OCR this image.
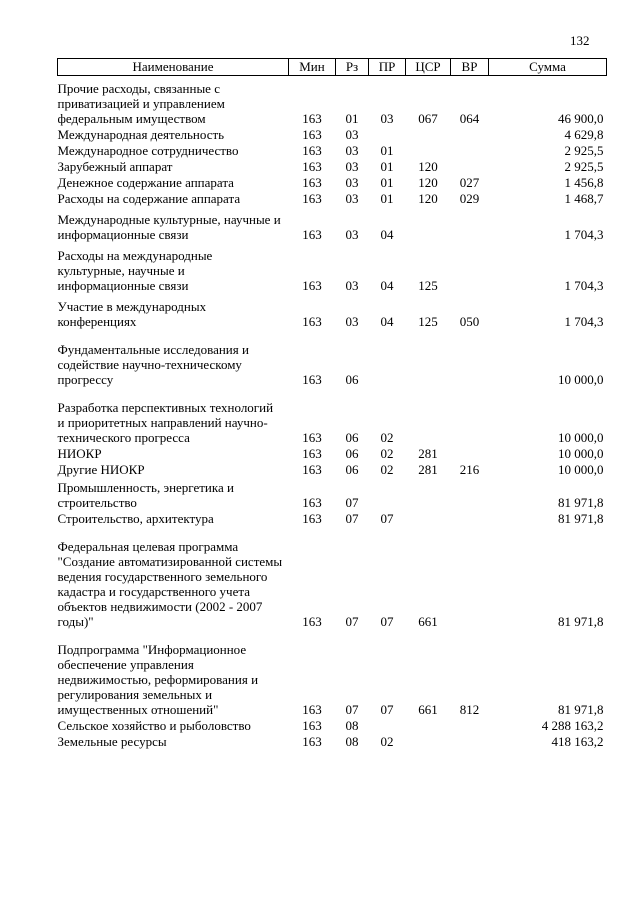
132
Наименование	Мин	Рз	ПР	ЦСР	ВР	Сумма
Прочие расходы, связанные с приватизацией и управлением федеральным имуществом	163	01	03	067	064	46 900,0
Международная деятельность	163	03				4 629,8
Международное сотрудничество	163	03	01			2 925,5
Зарубежный аппарат	163	03	01	120		2 925,5
Денежное содержание аппарата	163	03	01	120	027	1 456,8
Расходы на содержание аппарата	163	03	01	120	029	1 468,7
Международные культурные, научные и информационные связи	163	03	04			1 704,3
Расходы на международные культурные, научные и информационные связи	163	03	04	125		1 704,3
Участие в международных конференциях	163	03	04	125	050	1 704,3
Фундаментальные исследования и содействие научно-техническому прогрессу	163	06				10 000,0
Разработка перспективных технологий и приоритетных направлений научно-технического прогресса	163	06	02			10 000,0
НИОКР	163	06	02	281		10 000,0
Другие НИОКР	163	06	02	281	216	10 000,0
Промышленность, энергетика и строительство	163	07				81 971,8
Строительство, архитектура	163	07	07			81 971,8
Федеральная целевая программа "Создание автоматизированной системы ведения государственного земельного кадастра и государственного учета объектов недвижимости (2002 - 2007 годы)"	163	07	07	661		81 971,8
Подпрограмма "Информационное обеспечение управления недвижимостью, реформирования и регулирования земельных и имущественных отношений"	163	07	07	661	812	81 971,8
Сельское хозяйство и рыболовство	163	08				4 288 163,2
Земельные ресурсы	163	08	02			418 163,2
